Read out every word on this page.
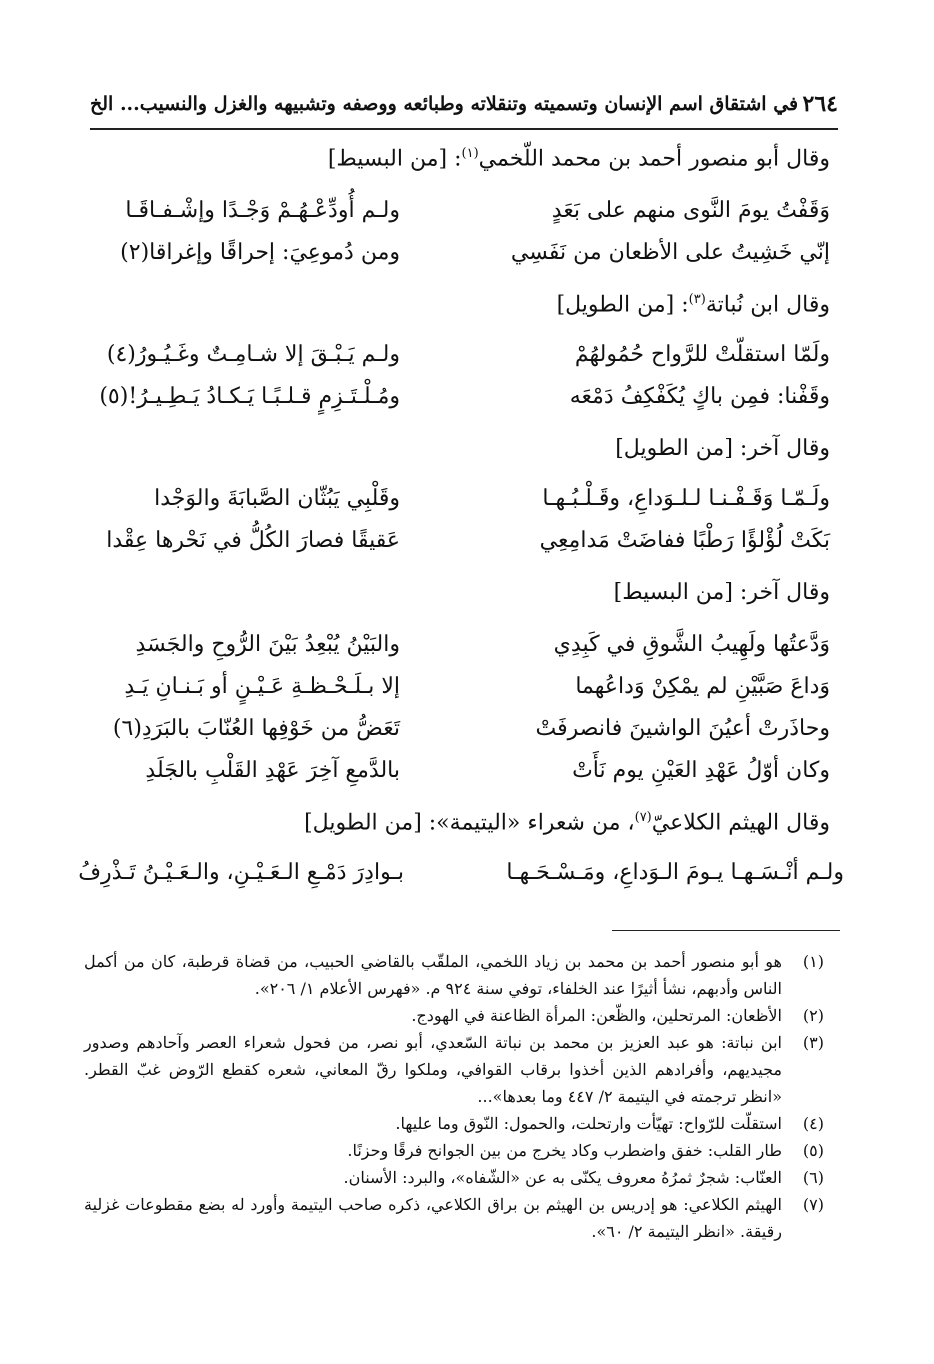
٢٦٤
في اشتقاق اسم الإنسان وتسميته وتنقلاته وطبائعه ووصفه وتشبيهه والغزل والنسيب... الخ
وقال أبو منصور أحمد بن محمد اللّخمي$^{(١)}$: [من البسيط]
وَقَفْتُ يومَ النَّوى منهم على بَعَدٍ
ولـم أُودِّعْـهُـمْ وَجْـدًا وإشْـفـاقَـا
إنّي خَشِيتُ على الأظعان من نَفَسِي
ومن دُموعِيَ: إحراقًا وإغراقا(٢)
وقال ابن نُباتة$^{(٣)}$: [من الطويل]
ولَمّا استقلّتْ للرَّواح حُمُولهُمْ
ولـم يَـبْـقَ إلا شـامِـتٌ وغَـيُـورُ(٤)
وقَفْنا: فمِن باكٍ يُكَفْكِفُ دَمْعَه
ومُـلْـتَـزِمٍ قـلـبًـا يَـكـادُ يَـطِـيـرُ!(٥)
وقال آخر: [من الطويل]
ولَـمّـا وَقَـفْـنـا لـلـوَداعِ، وقَـلْـبُـهـا
وقَلْبِي يَبُثّان الصَّبابَةَ والوَجْدا
بَكَتْ لُؤْلؤًا رَطْبًا ففاضَتْ مَدامِعِي
عَقيقًا فصارَ الكُلُّ في نَحْرها عِقْدا
وقال آخر: [من البسيط]
وَدَّعتُها ولَهِيبُ الشَّوقِ في كَبِدِي
والبَيْنُ يُبْعِدُ بَيْنَ الرُّوحِ والجَسَدِ
وَداعَ صَبَّيْنِ لم يمْكِنْ وَداعُهما
إلا بـلَـحْـظـةِ عَـيْـنٍ أو بَـنـانِ يَـدِ
وحاذَرتْ أعيُنَ الواشينَ فانصرفَتْ
تَعَضُّ من خَوْفِها العُنّابَ بالبَرَدِ(٦)
وكان أوّلُ عَهْدِ العَيْنِ يوم نَأَتْ
بالدَّمعِ آخِرَ عَهْدِ القَلْبِ بالجَلَدِ
وقال الهيثم الكلاعيّ$^{(٧)}$، من شعراء «اليتيمة»: [من الطويل]
ولـم أنْـسَـهـا يـومَ الـوَداعِ، ومَـسْـحَـهـا
بـوادِرَ دَمْـعِ الـعَـيْـنِ، والـعَـيْـنُ تَـذْرِفُ
(١)
هو أبو منصور أحمد بن محمد بن زياد اللخمي، الملقّب بالقاضي الحبيب، من قضاة قرطبة، كان من أكمل الناس وأدبهم، نشأ أثيرًا عند الخلفاء، توفي سنة ٩٢٤ م. «فهرس الأعلام ١/ ٢٠٦».
(٢)
الأظعان: المرتحلين، والظّعن: المرأة الظاعنة في الهودج.
(٣)
ابن نباتة: هو عبد العزيز بن محمد بن نباتة السّعدي، أبو نصر، من فحول شعراء العصر وآحادهم وصدور مجيديهم، وأفرادهم الذين أخذوا برقاب القوافي، وملكوا رقّ المعاني، شعره كقطع الرّوض غبّ القطر. «انظر ترجمته في اليتيمة ٢/ ٤٤٧ وما بعدها»...
(٤)
استقلّت للرّواح: تهيّأت وارتحلت، والحمول: النّوق وما عليها.
(٥)
طار القلب: خفق واضطرب وكاد يخرج من بين الجوانح فرقًا وحزنًا.
(٦)
العنّاب: شجرٌ ثمرُهُ معروف يكنّى به عن «الشّفاه»، والبرد: الأسنان.
(٧)
الهيثم الكلاعي: هو إدريس بن الهيثم بن براق الكلاعي، ذكره صاحب اليتيمة وأورد له بضع مقطوعات غزلية رقيقة. «انظر اليتيمة ٢/ ٦٠».
